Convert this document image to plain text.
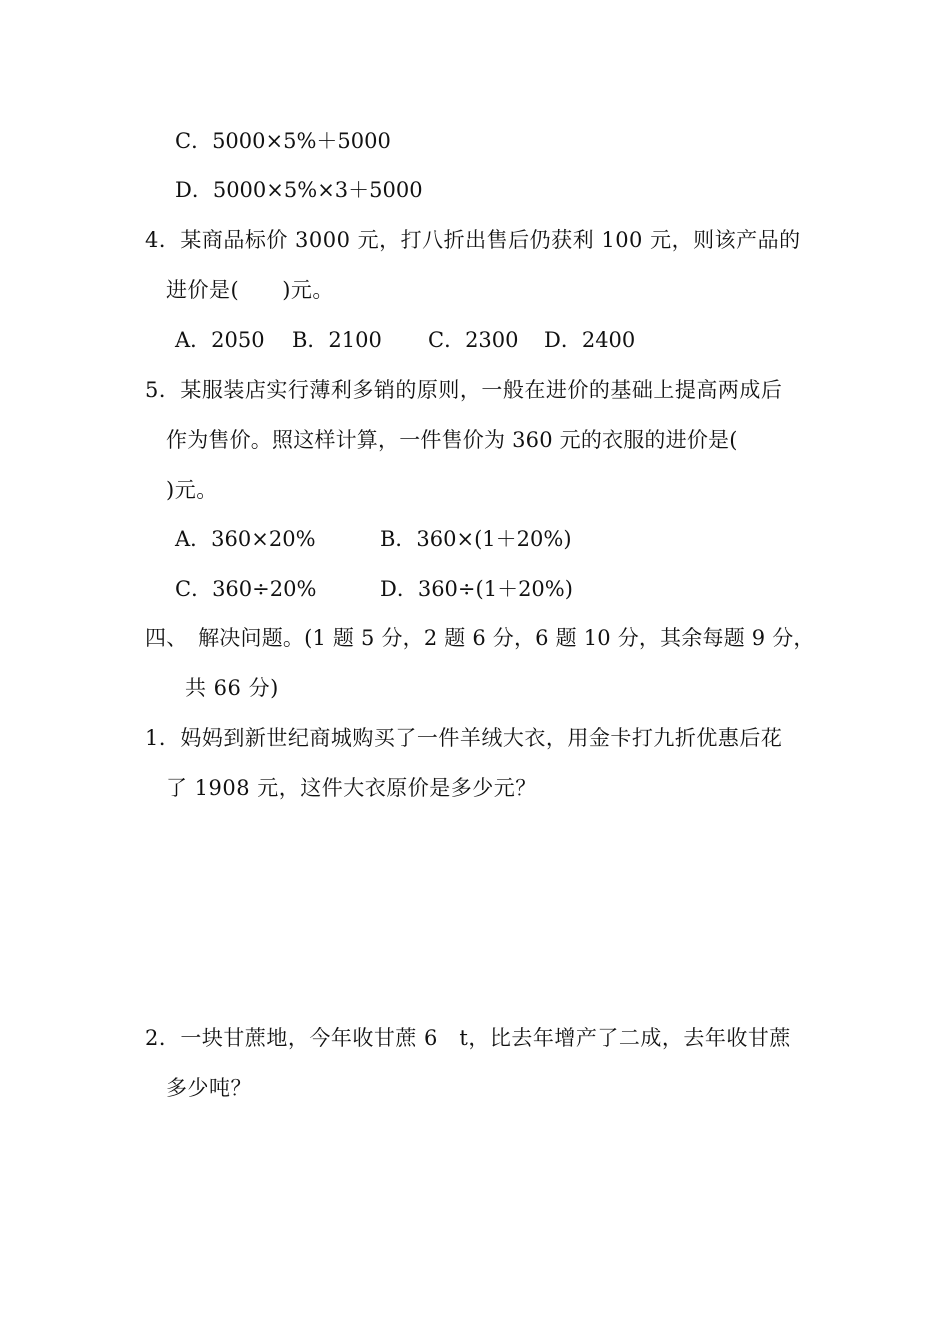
C．5000×5%＋5000
D．5000×5%×3＋5000
4．某商品标价 3000 元，打八折出售后仍获利 100 元，则该产品的
进价是(　　)元。
A．2050 B．2100 C．2300 D．2400
5．某服装店实行薄利多销的原则，一般在进价的基础上提高两成后
作为售价。照这样计算，一件售价为 360 元的衣服的进价是(
)元。
A．360×20%	B．360×(1＋20%)
C．360÷20%	D．360÷(1＋20%)
四、　解决问题。(1 题 5 分，2 题 6 分，6 题 10 分，其余每题 9 分，
共 66 分)
1．妈妈到新世纪商城购买了一件羊绒大衣，用金卡打九折优惠后花
了 1908 元，这件大衣原价是多少元？
2．一块甘蔗地，今年收甘蔗 6　t，比去年增产了二成，去年收甘蔗
多少吨？
